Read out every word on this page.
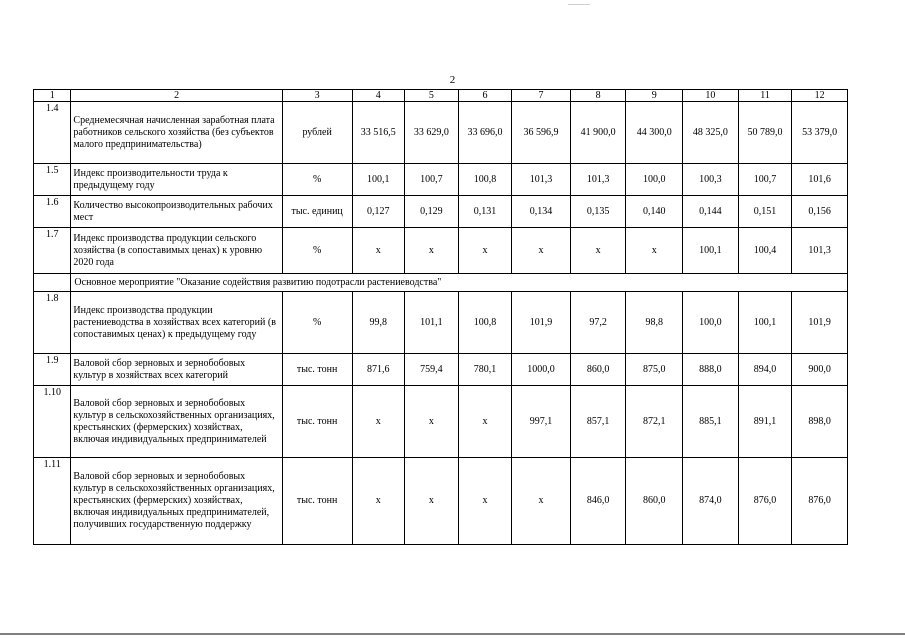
2
1	2	3	4	5	6	7	8	9	10	11	12
1.4	Среднемесячная начисленная заработная плата работников сельского хозяйства (без субъектов малого предпринимательства)	рублей	33 516,5	33 629,0	33 696,0	36 596,9	41 900,0	44 300,0	48 325,0	50 789,0	53 379,0
1.5	Индекс производительности труда к предыдущему году	%	100,1	100,7	100,8	101,3	101,3	100,0	100,3	100,7	101,6
1.6	Количество высокопроизводительных рабочих мест	тыс. единиц	0,127	0,129	0,131	0,134	0,135	0,140	0,144	0,151	0,156
1.7	Индекс производства продукции сельского хозяйства (в сопоставимых ценах) к уровню 2020 года	%	х	х	х	х	х	х	100,1	100,4	101,3
	Основное мероприятие "Оказание содействия развитию подотрасли растениеводства"										
1.8	Индекс производства продукции растениеводства в хозяйствах всех категорий (в сопоставимых ценах) к предыдущему году	%	99,8	101,1	100,8	101,9	97,2	98,8	100,0	100,1	101,9
1.9	Валовой сбор зерновых и зернобобовых культур в хозяйствах всех категорий	тыс. тонн	871,6	759,4	780,1	1000,0	860,0	875,0	888,0	894,0	900,0
1.10	Валовой сбор зерновых и зернобобовых культур в сельскохозяйственных организациях, крестьянских (фермерских) хозяйствах, включая индивидуальных предпринимателей	тыс. тонн	х	х	х	997,1	857,1	872,1	885,1	891,1	898,0
1.11	Валовой сбор зерновых и зернобобовых культур в сельскохозяйственных организациях, крестьянских (фермерских) хозяйствах, включая индивидуальных предпринимателей, получивших государственную поддержку	тыс. тонн	х	х	х	х	846,0	860,0	874,0	876,0	876,0
